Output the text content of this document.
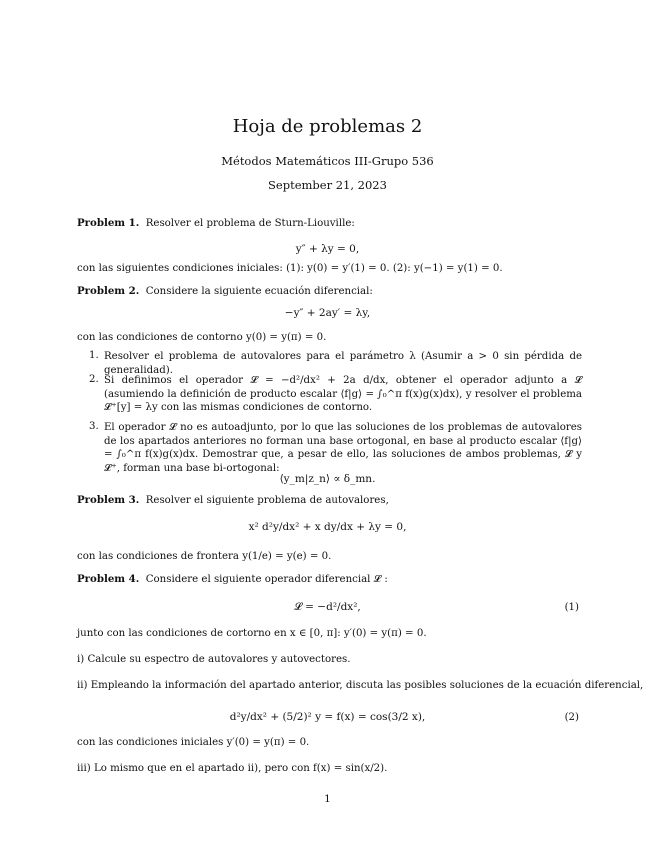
Hoja de problemas 2
Métodos Matemáticos III-Grupo 536
September 21, 2023
Problem 1. Resolver el problema de Sturn-Liouville:
y″ + λy = 0,
con las siguientes condiciones iniciales: (1): y(0) = y′(1) = 0. (2): y(−1) = y(1) = 0.
Problem 2. Considere la siguiente ecuación diferencial:
−y″ + 2ay′ = λy,
con las condiciones de contorno y(0) = y(π) = 0.
1. Resolver el problema de autovalores para el parámetro λ (Asumir a > 0 sin pérdida de generalidad).
2. Si definimos el operador 𝓛 = −d²/dx² + 2a d/dx, obtener el operador adjunto a 𝓛 (asumiendo la definición de producto escalar ⟨f|g⟩ = ∫₀^π f(x)g(x)dx), y resolver el problema 𝓛⁺[y] = λy con las mismas condiciones de contorno.
3. El operador 𝓛 no es autoadjunto, por lo que las soluciones de los problemas de autovalores de los apartados anteriores no forman una base ortogonal, en base al producto escalar ⟨f|g⟩ = ∫₀^π f(x)g(x)dx. Demostrar que, a pesar de ello, las soluciones de ambos problemas, 𝓛 y 𝓛⁺, forman una base bi-ortogonal:
⟨y_m|z_n⟩ ∝ δ_mn.
Problem 3. Resolver el siguiente problema de autovalores,
x² d²y/dx² + x dy/dx + λy = 0,
con las condiciones de frontera y(1/e) = y(e) = 0.
Problem 4. Considere el siguiente operador diferencial 𝓛 :
𝓛 = −d²/dx²,	(1)
junto con las condiciones de cortorno en x ∈ [0, π]: y′(0) = y(π) = 0.
i) Calcule su espectro de autovalores y autovectores.
ii) Empleando la información del apartado anterior, discuta las posibles soluciones de la ecuación diferencial,
d²y/dx² + (5/2)² y = f(x) = cos(3/2 x),	(2)
con las condiciones iniciales y′(0) = y(π) = 0.
iii) Lo mismo que en el apartado ii), pero con f(x) = sin(x/2).
1
